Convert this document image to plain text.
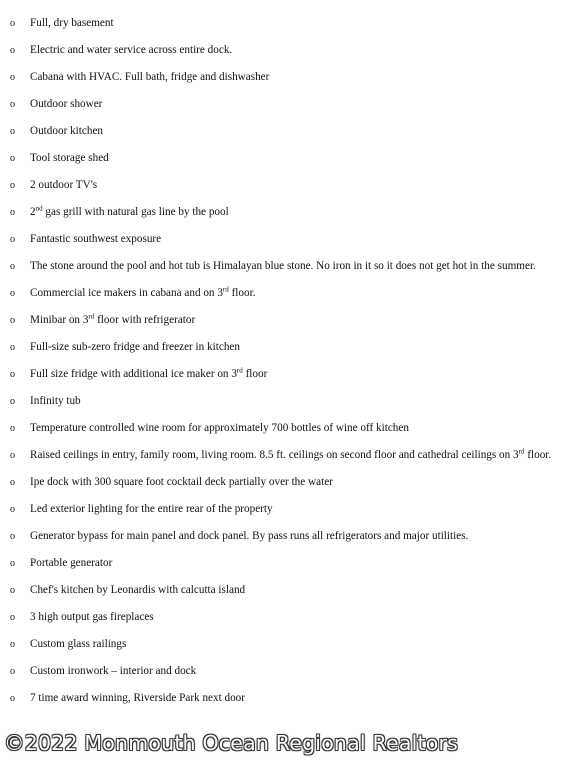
o Full, dry basement
o Electric and water service across entire dock.
o Cabana with HVAC. Full bath, fridge and dishwasher
o Outdoor shower
o Outdoor kitchen
o Tool storage shed
o 2 outdoor TV's
o 2nd gas grill with natural gas line by the pool
o Fantastic southwest exposure
o The stone around the pool and hot tub is Himalayan blue stone. No iron in it so it does not get hot in the summer.
o Commercial ice makers in cabana and on 3rd floor.
o Minibar on 3rd floor with refrigerator
o Full-size sub-zero fridge and freezer in kitchen
o Full size fridge with additional ice maker on 3rd floor
o Infinity tub
o Temperature controlled wine room for approximately 700 bottles of wine off kitchen
o Raised ceilings in entry, family room, living room. 8.5 ft. ceilings on second floor and cathedral ceilings on 3rd floor.
o Ipe dock with 300 square foot cocktail deck partially over the water
o Led exterior lighting for the entire rear of the property
o Generator bypass for main panel and dock panel. By pass runs all refrigerators and major utilities.
o Portable generator
o Chef's kitchen by Leonardis with calcutta island
o 3 high output gas fireplaces
o Custom glass railings
o Custom ironwork – interior and dock
o 7 time award winning, Riverside Park next door
©2022 Monmouth Ocean Regional Realtors
